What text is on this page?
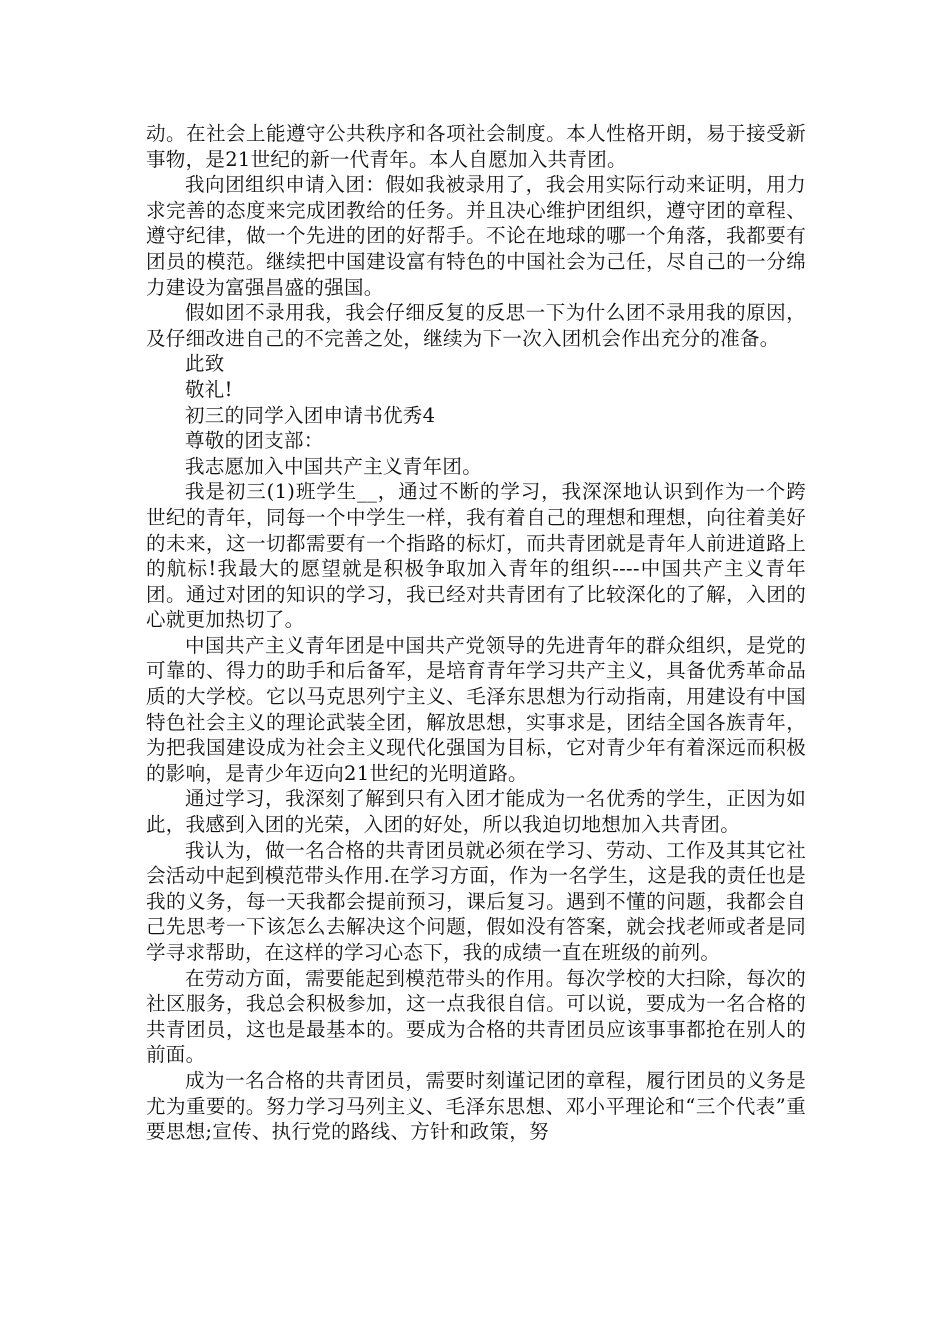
动。在社会上能遵守公共秩序和各项社会制度。本人性格开朗，易于接受新事物，是21世纪的新一代青年。本人自愿加入共青团。

我向团组织申请入团：假如我被录用了，我会用实际行动来证明，用力求完善的态度来完成团教给的任务。并且决心维护团组织，遵守团的章程、遵守纪律，做一个先进的团的好帮手。不论在地球的哪一个角落，我都要有团员的模范。继续把中国建设富有特色的中国社会为己任，尽自己的一分绵力建设为富强昌盛的强国。

假如团不录用我，我会仔细反复的反思一下为什么团不录用我的原因，及仔细改进自己的不完善之处，继续为下一次入团机会作出充分的准备。

此致

敬礼!

初三的同学入团申请书优秀4

尊敬的团支部：

我志愿加入中国共产主义青年团。

我是初三(1)班学生__，通过不断的学习，我深深地认识到作为一个跨世纪的青年，同每一个中学生一样，我有着自己的理想和理想，向往着美好的未来，这一切都需要有一个指路的标灯，而共青团就是青年人前进道路上的航标!我最大的愿望就是积极争取加入青年的组织----中国共产主义青年团。通过对团的知识的学习，我已经对共青团有了比较深化的了解，入团的心就更加热切了。

中国共产主义青年团是中国共产党领导的先进青年的群众组织，是党的可靠的、得力的助手和后备军，是培育青年学习共产主义，具备优秀革命品质的大学校。它以马克思列宁主义、毛泽东思想为行动指南，用建设有中国特色社会主义的理论武装全团，解放思想，实事求是，团结全国各族青年，为把我国建设成为社会主义现代化强国为目标，它对青少年有着深远而积极的影响，是青少年迈向21世纪的光明道路。

通过学习，我深刻了解到只有入团才能成为一名优秀的学生，正因为如此，我感到入团的光荣，入团的好处，所以我迫切地想加入共青团。

我认为，做一名合格的共青团员就必须在学习、劳动、工作及其其它社会活动中起到模范带头作用.在学习方面，作为一名学生，这是我的责任也是我的义务，每一天我都会提前预习，课后复习。遇到不懂的问题，我都会自己先思考一下该怎么去解决这个问题，假如没有答案，就会找老师或者是同学寻求帮助，在这样的学习心态下，我的成绩一直在班级的前列。

在劳动方面，需要能起到模范带头的作用。每次学校的大扫除，每次的社区服务，我总会积极参加，这一点我很自信。可以说，要成为一名合格的共青团员，这也是最基本的。要成为合格的共青团员应该事事都抢在别人的前面。

成为一名合格的共青团员，需要时刻谨记团的章程，履行团员的义务是尤为重要的。努力学习马列主义、毛泽东思想、邓小平理论和“三个代表”重要思想;宣传、执行党的路线、方针和政策，努
